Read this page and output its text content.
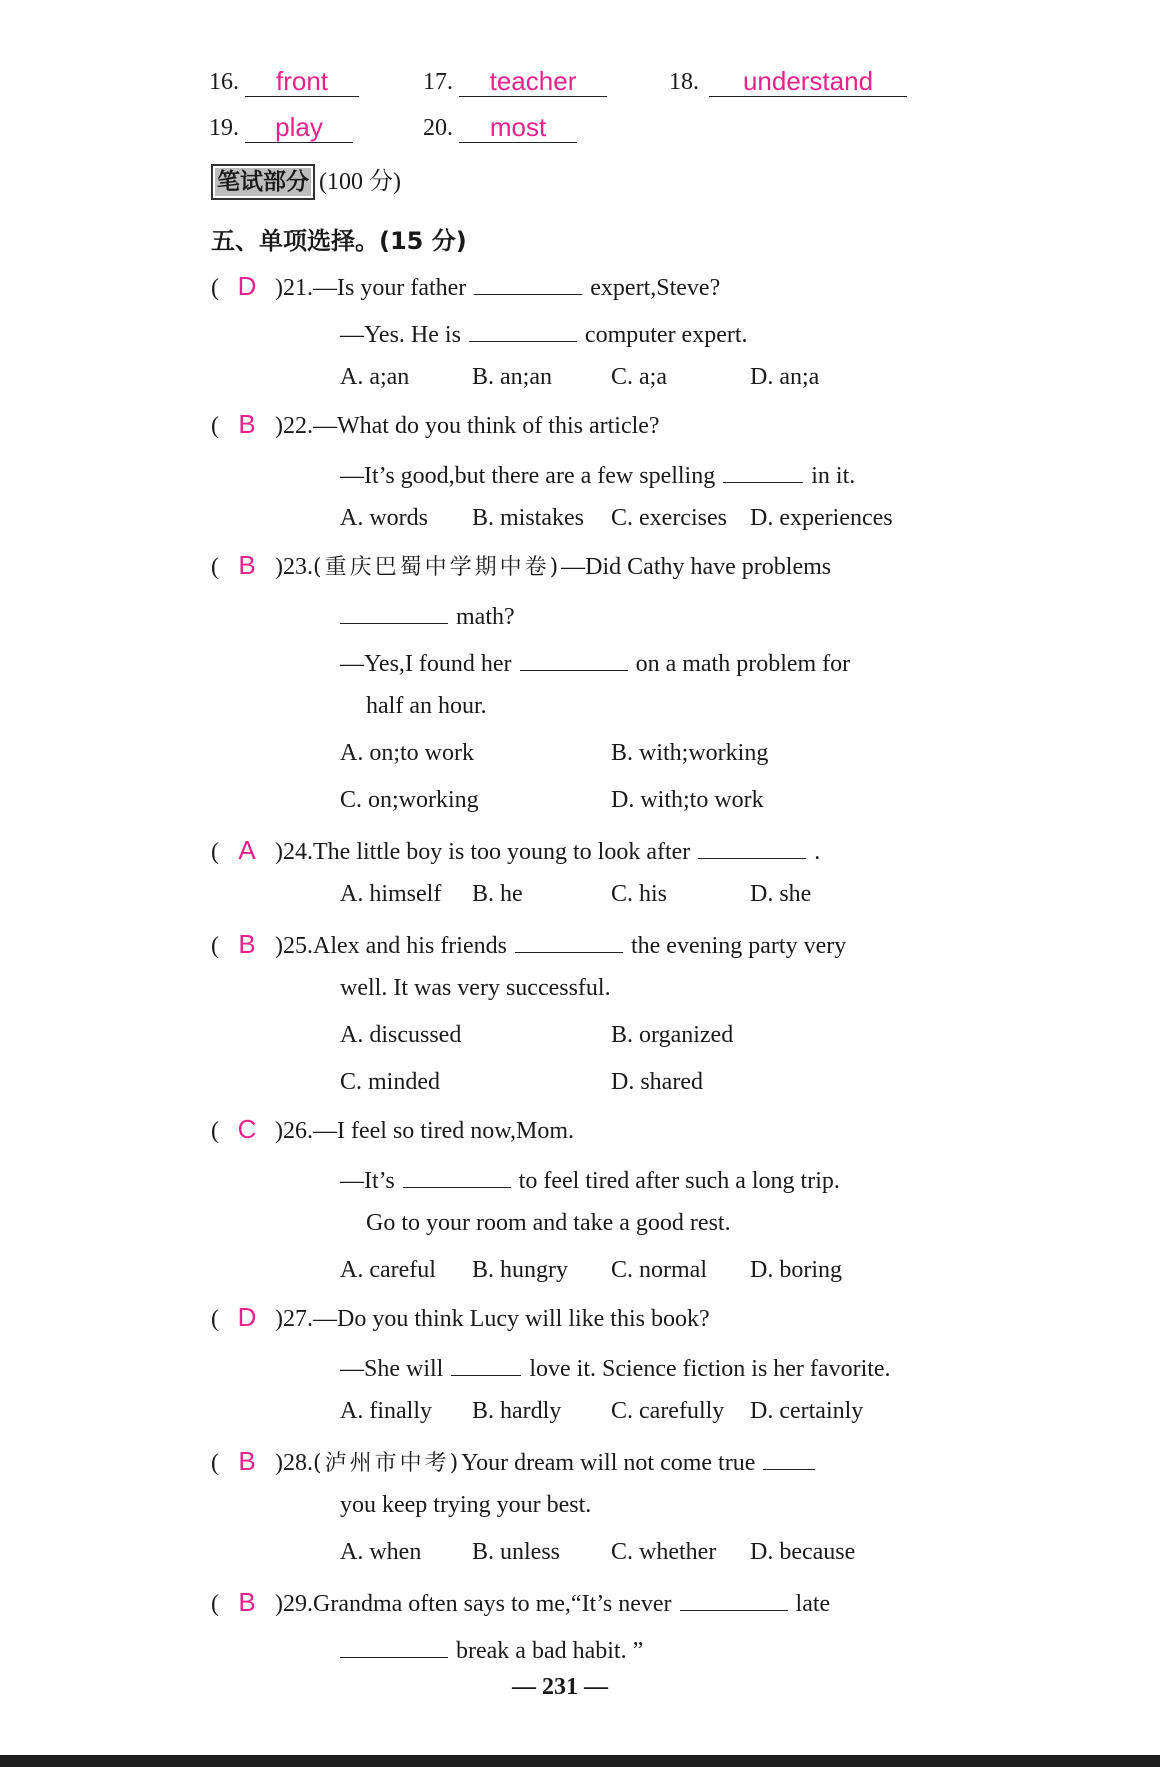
16. front	17. teacher	18. understand
19. play	20. most
笔试部分 (100 分)
五、单项选择。(15 分)
( D )21.—Is your father	expert,Steve?
—Yes. He is	computer expert.
A. a;an	B. an;an C. a;a	D. an;a
( B )22.—What do you think of this article?
—It’s good,but there are a few spelling	in it.
A. words B. mistakes C. exercises D. experiences
( B )23.(重庆巴蜀中学期中卷)—Did Cathy have problems
math?
—Yes,I found her	on a math problem for
half an hour.
A. on;to work	B. with;working
C. on;working	D. with;to work
( A )24.The little boy is too young to look after	.
A. himself B. he	C. his	D. she
( B )25.Alex and his friends	the evening party very
well. It was very successful.
A. discussed	B. organized
C. minded	D. shared
( C )26.—I feel so tired now,Mom.
—It’s	to feel tired after such a long trip.
Go to your room and take a good rest.
A. careful B. hungry C. normal D. boring
( D )27.—Do you think Lucy will like this book?
—She will	love it. Science fiction is her favorite.
A. finally B. hardly C. carefully D. certainly
( B )28.(泸州市中考)Your dream will not come true
you keep trying your best.
A. when B. unless C. whether D. because
( B )29.Grandma often says to me,“It’s never	late
break a bad habit. ”
— 231 —
